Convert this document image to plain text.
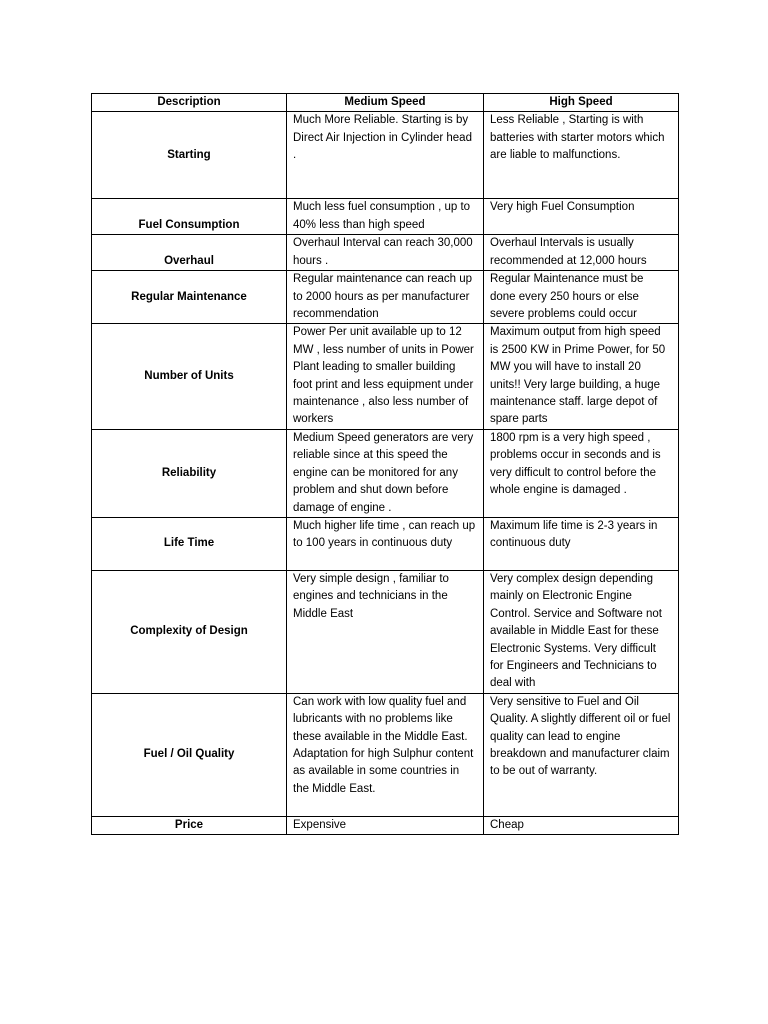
Description	Medium Speed	High Speed
Starting	Much More Reliable. Starting is by Direct Air Injection in Cylinder head .	Less Reliable , Starting is with batteries with starter motors which are liable to malfunctions.
Fuel Consumption	Much less fuel consumption , up to 40% less than high speed	Very high Fuel Consumption
Overhaul	Overhaul Interval can reach 30,000 hours .	Overhaul Intervals is usually recommended at 12,000 hours
Regular Maintenance	Regular maintenance can reach up to 2000 hours as per manufacturer recommendation	Regular Maintenance must be done every 250 hours or else severe problems could occur
Number of Units	Power Per unit available up to 12 MW , less number of units in Power Plant leading to smaller building foot print and less equipment under maintenance , also less number of workers	Maximum output from high speed is 2500 KW in Prime Power, for 50 MW you will have to install 20 units!! Very large building, a huge maintenance staff. large depot of spare parts
Reliability	Medium Speed generators are very reliable since at this speed the engine can be monitored for any problem and shut down before damage of engine .	1800 rpm is a very high speed , problems occur in seconds and is very difficult to control before the whole engine is damaged .
Life Time	Much higher life time , can reach up to 100 years in continuous duty	Maximum life time is 2-3 years in continuous duty
Complexity of Design	Very simple design , familiar to engines and technicians in the Middle East	Very complex design depending mainly on Electronic Engine Control. Service and Software not available in Middle East for these Electronic Systems. Very difficult for Engineers and Technicians to deal with
Fuel / Oil Quality	Can work with low quality fuel and lubricants with no problems like these available in the Middle East. Adaptation for high Sulphur content as available in some countries in the Middle East.	Very sensitive to Fuel and Oil Quality. A slightly different oil or fuel quality can lead to engine breakdown and manufacturer claim to be out of warranty.
Price	Expensive	Cheap
